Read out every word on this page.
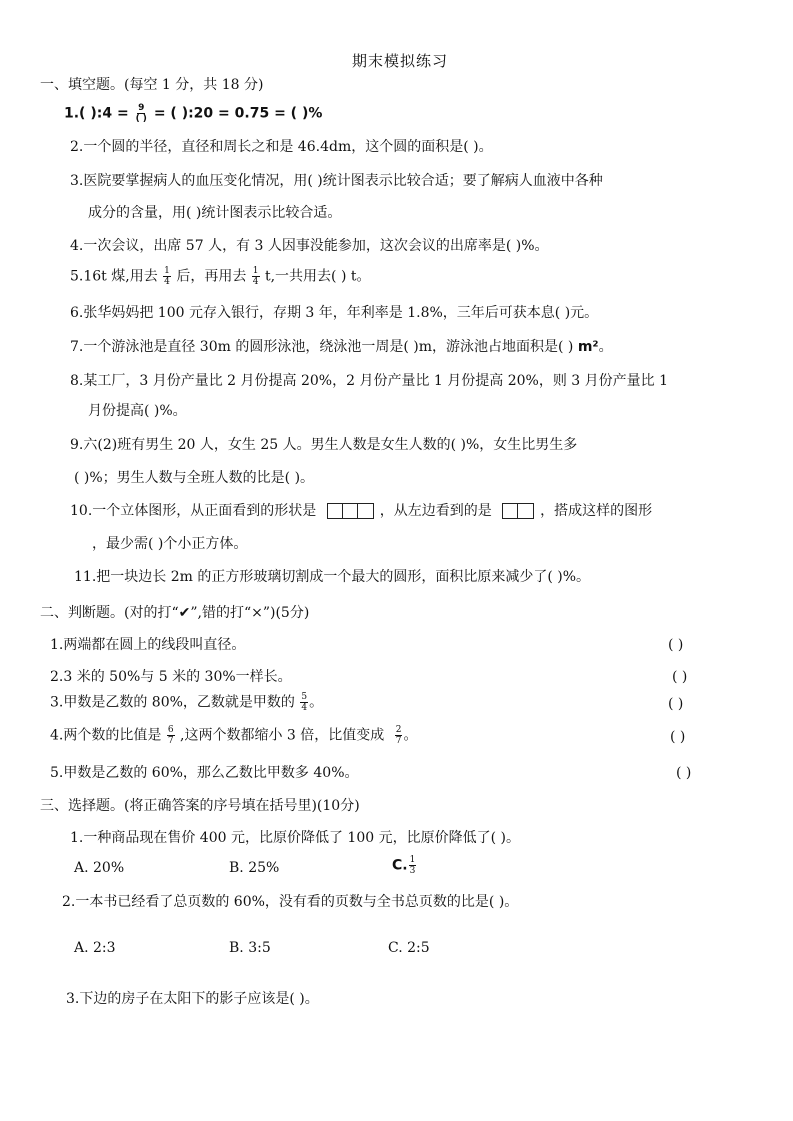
期末模拟练习
一、填空题。(每空 1 分，共 18 分)
1.( ):4 = $\frac{9}{( )}$ = ( ):20 = 0.75 = ( )%
2.一个圆的半径，直径和周长之和是 46.4dm，这个圆的面积是( )。
3.医院要掌握病人的血压变化情况，用( )统计图表示比较合适；要了解病人血液中各种
成分的含量，用( )统计图表示比较合适。
4.一次会议，出席 57 人，有 3 人因事没能参加，这次会议的出席率是( )%。
5.16t 煤,用去 $\frac{1}{4}$ 后，再用去 $\frac{1}{4} t$,一共用去( ) t。
6.张华妈妈把 100 元存入银行，存期 3 年，年利率是 1.8%，三年后可获本息( )元。
7.一个游泳池是直径 30m 的圆形泳池，绕泳池一周是( )m，游泳池占地面积是( ) m²。
8.某工厂，3 月份产量比 2 月份提高 20%，2 月份产量比 1 月份提高 20%，则 3 月份产量比 1
月份提高( )%。
9.六(2)班有男生 20 人，女生 25 人。男生人数是女生人数的( )%，女生比男生多
( )%；男生人数与全班人数的比是( )。
10.一个立体图形，从正面看到的形状是	，从左边看到的是	，搭成这样的图形
，最少需( )个小正方体。
11.把一块边长 2m 的正方形玻璃切割成一个最大的圆形，面积比原来减少了( )%。
二、判断题。(对的打“✔”,错的打“×”)(5分)
1.两端都在圆上的线段叫直径。	( )
2.3 米的 50%与 5 米的 30%一样长。	( )
3.甲数是乙数的 80%，乙数就是甲数的 $\frac{5}{4}$ 。	( )
4.两个数的比值是 $\frac{6}{7}$ ,这两个数都缩小 3 倍，比值变成 $\frac{2}{7}$ 。	( )
5.甲数是乙数的 60%，那么乙数比甲数多 40%。	( )
三、选择题。(将正确答案的序号填在括号里)(10分)
1.一种商品现在售价 400 元，比原价降低了 100 元，比原价降低了( )。
A. 20%	B. 25%	C. $\frac{1}{3}$
2.一本书已经看了总页数的 60%，没有看的页数与全书总页数的比是( )。
A. 2:3	B. 3:5	C. 2:5
3.下边的房子在太阳下的影子应该是( )。
